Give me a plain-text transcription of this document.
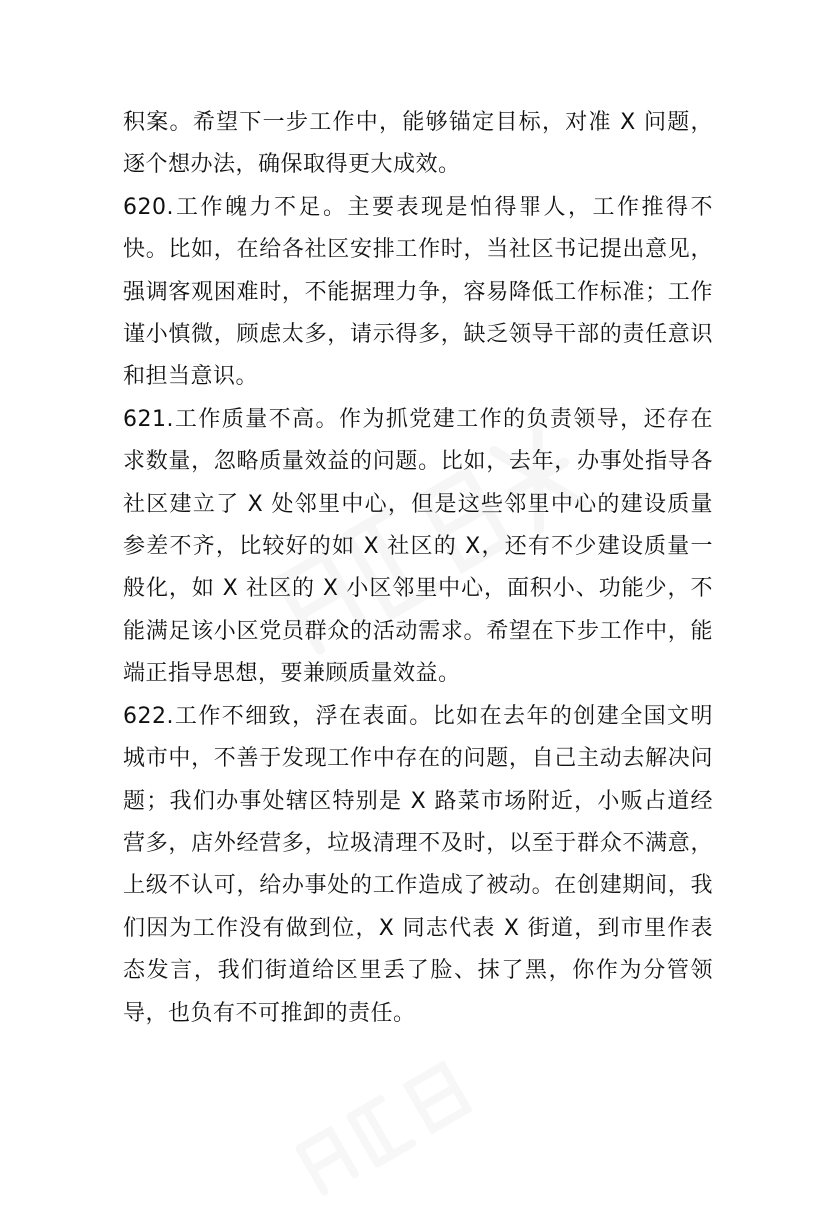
积案。希望下一步工作中，能够锚定目标，对准 X 问题，逐个想办法，确保取得更大成效。

620.工作魄力不足。主要表现是怕得罪人，工作推得不快。比如，在给各社区安排工作时，当社区书记提出意见，强调客观困难时，不能据理力争，容易降低工作标准；工作谨小慎微，顾虑太多，请示得多，缺乏领导干部的责任意识和担当意识。

621.工作质量不高。作为抓党建工作的负责领导，还存在求数量，忽略质量效益的问题。比如，去年，办事处指导各社区建立了 X 处邻里中心，但是这些邻里中心的建设质量参差不齐，比较好的如 X 社区的 X，还有不少建设质量一般化，如 X 社区的 X 小区邻里中心，面积小、功能少，不能满足该小区党员群众的活动需求。希望在下步工作中，能端正指导思想，要兼顾质量效益。

622.工作不细致，浮在表面。比如在去年的创建全国文明城市中，不善于发现工作中存在的问题，自己主动去解决问题；我们办事处辖区特别是 X 路菜市场附近，小贩占道经营多，店外经营多，垃圾清理不及时，以至于群众不满意，上级不认可，给办事处的工作造成了被动。在创建期间，我们因为工作没有做到位，X 同志代表 X 街道，到市里作表态发言，我们街道给区里丢了脸、抹了黑，你作为分管领导，也负有不可推卸的责任。
